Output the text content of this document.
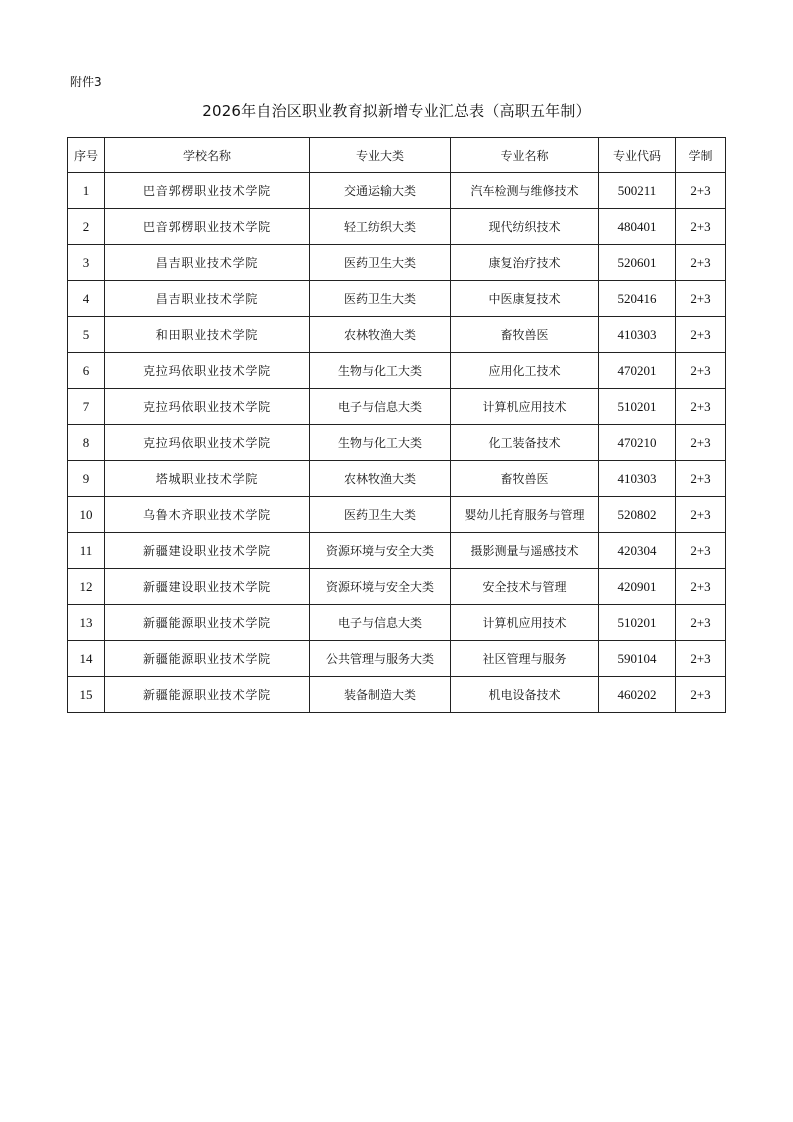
附件3
2026年自治区职业教育拟新增专业汇总表（高职五年制）
序号	学校名称	专业大类	专业名称	专业代码	学制
1	巴音郭楞职业技术学院	交通运输大类	汽车检测与维修技术	500211	2+3
2	巴音郭楞职业技术学院	轻工纺织大类	现代纺织技术	480401	2+3
3	昌吉职业技术学院	医药卫生大类	康复治疗技术	520601	2+3
4	昌吉职业技术学院	医药卫生大类	中医康复技术	520416	2+3
5	和田职业技术学院	农林牧渔大类	畜牧兽医	410303	2+3
6	克拉玛依职业技术学院	生物与化工大类	应用化工技术	470201	2+3
7	克拉玛依职业技术学院	电子与信息大类	计算机应用技术	510201	2+3
8	克拉玛依职业技术学院	生物与化工大类	化工装备技术	470210	2+3
9	塔城职业技术学院	农林牧渔大类	畜牧兽医	410303	2+3
10	乌鲁木齐职业技术学院	医药卫生大类	婴幼儿托育服务与管理	520802	2+3
11	新疆建设职业技术学院	资源环境与安全大类	摄影测量与遥感技术	420304	2+3
12	新疆建设职业技术学院	资源环境与安全大类	安全技术与管理	420901	2+3
13	新疆能源职业技术学院	电子与信息大类	计算机应用技术	510201	2+3
14	新疆能源职业技术学院	公共管理与服务大类	社区管理与服务	590104	2+3
15	新疆能源职业技术学院	装备制造大类	机电设备技术	460202	2+3
